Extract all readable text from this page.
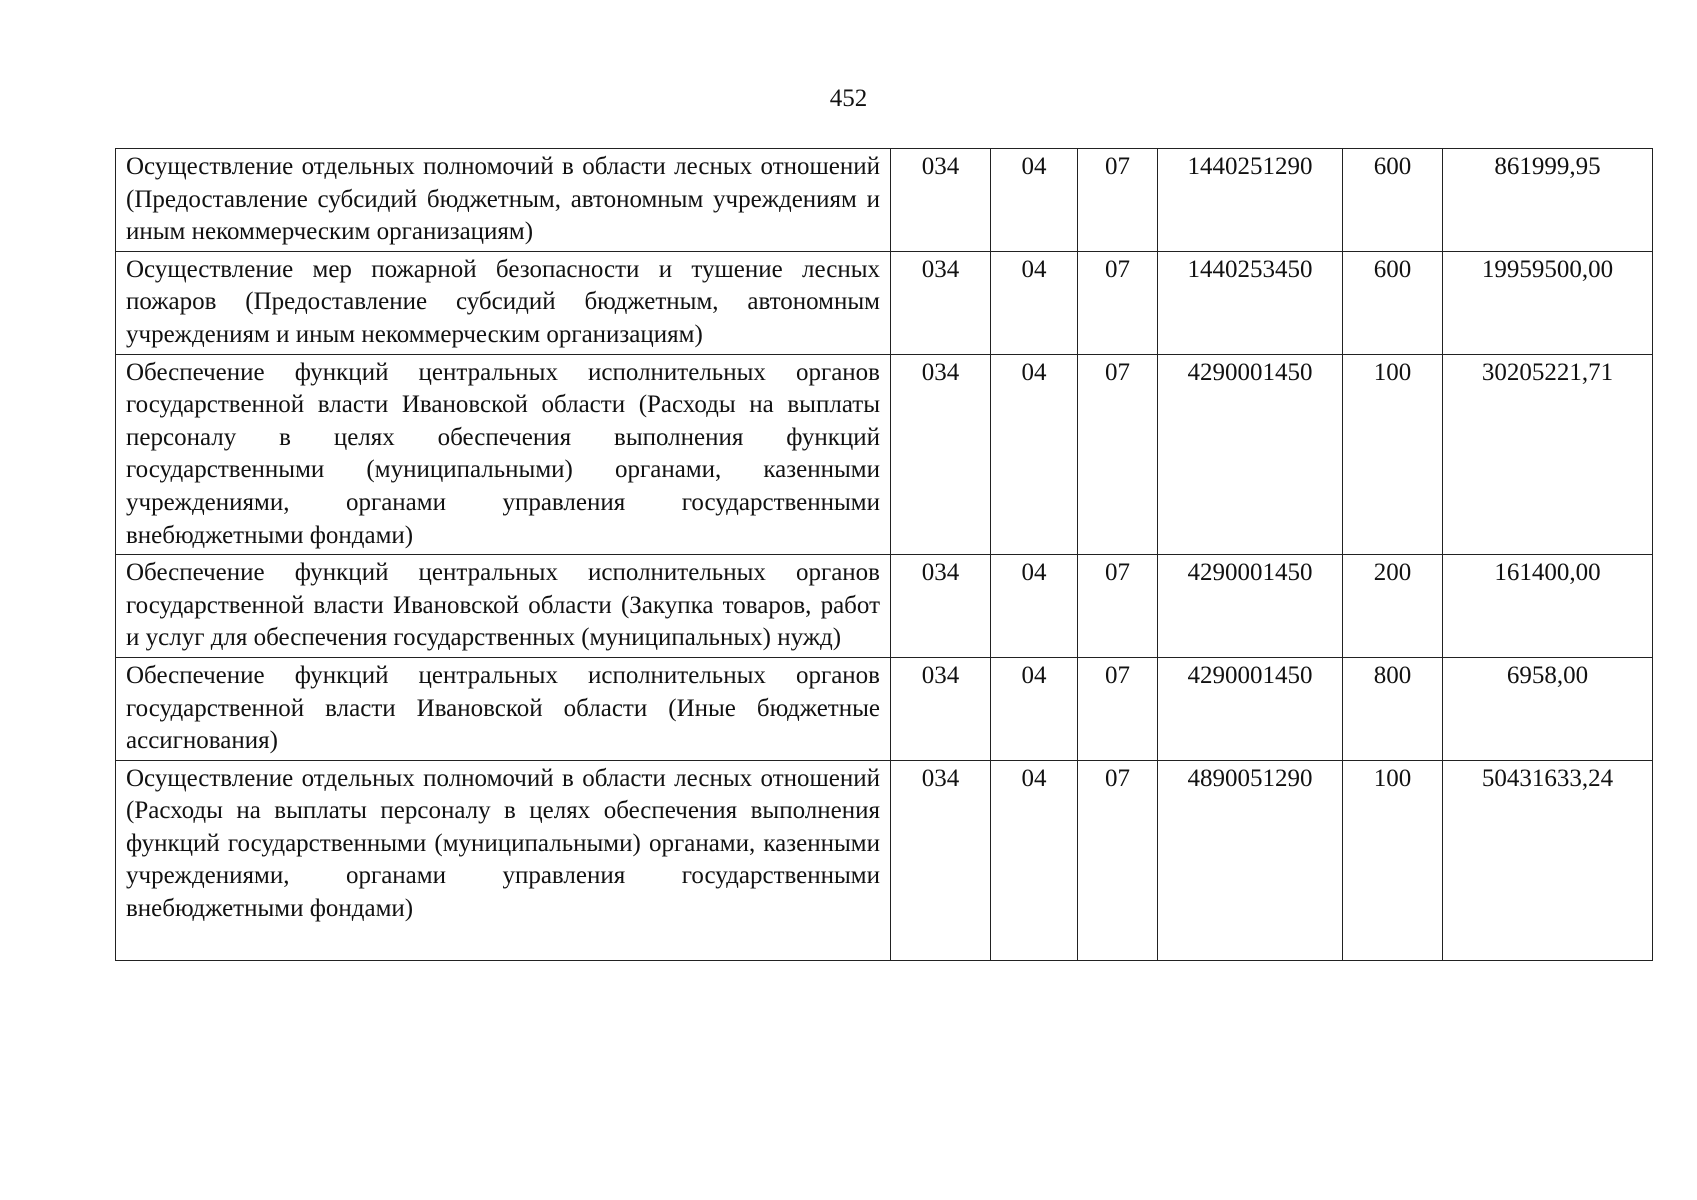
452
Осуществление отдельных полномочий в области лесных отношений (Предоставление субсидий бюджетным, автономным учреждениям и иным некоммерческим организациям)	034	04	07	1440251290	600	861999,95
Осуществление мер пожарной безопасности и тушение лесных пожаров (Предоставление субсидий бюджетным, автономным учреждениям и иным некоммерческим организациям)	034	04	07	1440253450	600	19959500,00
Обеспечение функций центральных исполнительных органов государственной власти Ивановской области (Расходы на выплаты персоналу в целях обеспечения выполнения функций государственными (муниципальными) органами, казенными учреждениями, органами управления государственными внебюджетными фондами)	034	04	07	4290001450	100	30205221,71
Обеспечение функций центральных исполнительных органов государственной власти Ивановской области (Закупка товаров, работ и услуг для обеспечения государственных (муниципальных) нужд)	034	04	07	4290001450	200	161400,00
Обеспечение функций центральных исполнительных органов государственной власти Ивановской области (Иные бюджетные ассигнования)	034	04	07	4290001450	800	6958,00
Осуществление отдельных полномочий в области лесных отношений (Расходы на выплаты персоналу в целях обеспечения выполнения функций государственными (муниципальными) органами, казенными учреждениями, органами управления государственными внебюджетными фондами)	034	04	07	4890051290	100	50431633,24
